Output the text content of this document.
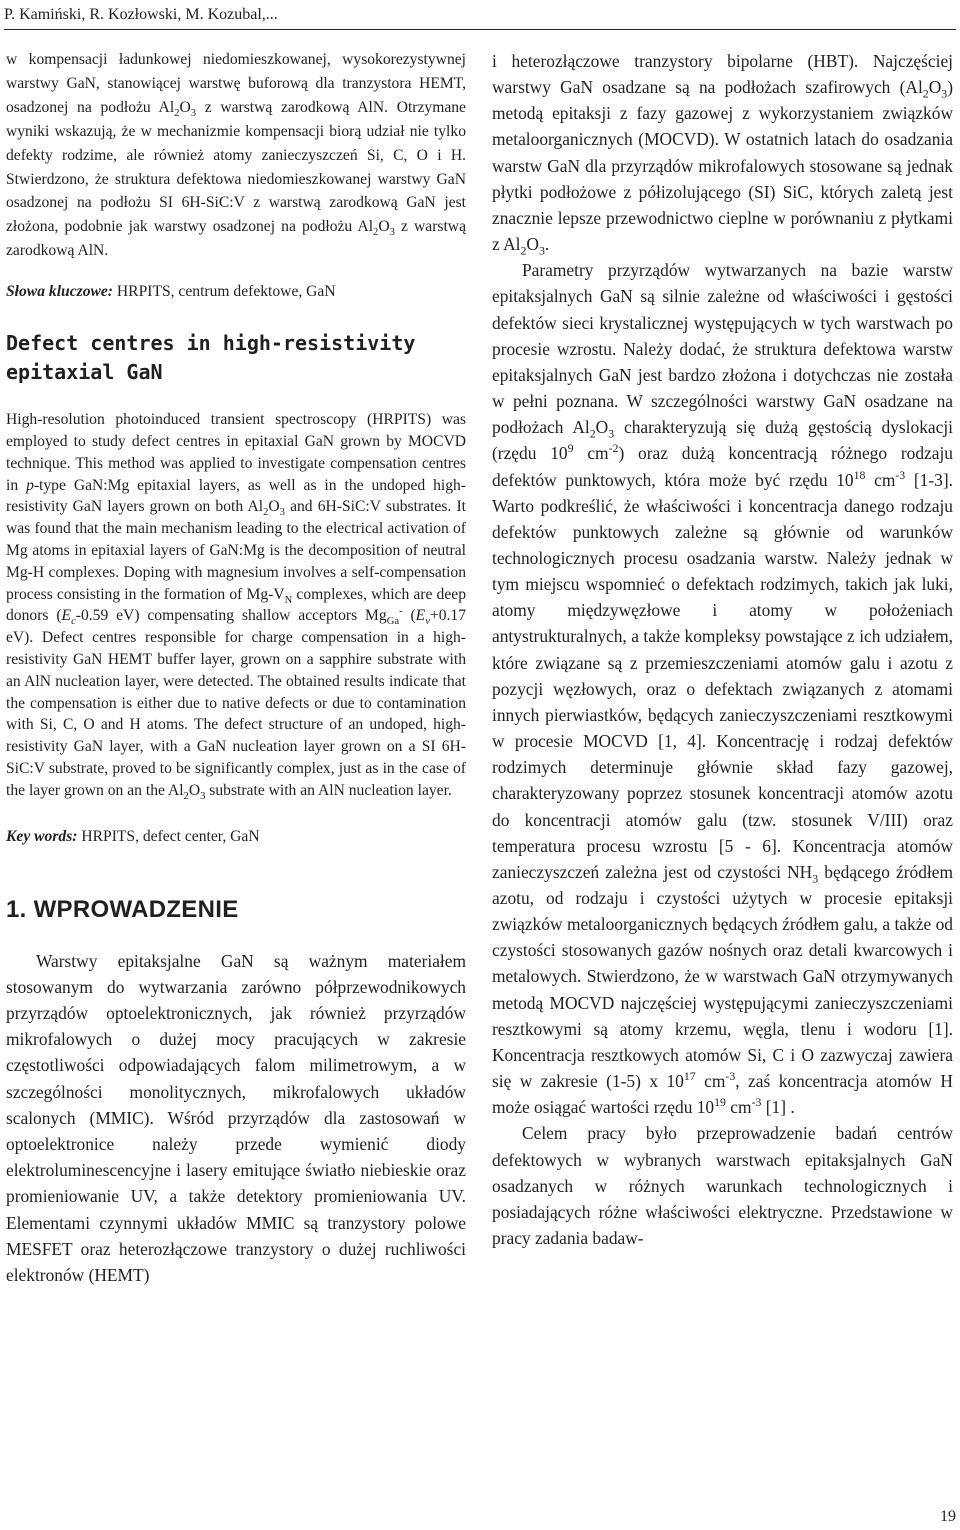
P. Kamiński, R. Kozłowski, M. Kozubal,...

w kompensacji ładunkowej niedomieszkowanej, wysokorezystywnej warstwy GaN, stanowiącej warstwę buforową dla tranzystora HEMT, osadzonej na podłożu $Al_2O_3$ z warstwą zarodkową AlN. Otrzymane wyniki wskazują, że w mechanizmie kompensacji biorą udział nie tylko defekty rodzime, ale również atomy zanieczyszczeń Si, C, O i H. Stwierdzono, że struktura defektowa niedomieszkowanej warstwy GaN osadzonej na podłożu SI 6H-SiC:V z warstwą zarodkową GaN jest złożona, podobnie jak warstwy osadzonej na podłożu $Al_2O_3$ z warstwą zarodkową AlN.

Słowa kluczowe: HRPITS, centrum defektowe, GaN

Defect centres in high-resistivity epitaxial GaN

High-resolution photoinduced transient spectroscopy (HRPITS) was employed to study defect centres in epitaxial GaN grown by MOCVD technique. This method was applied to investigate compensation centres in p-type GaN:Mg epitaxial layers, as well as in the undoped high-resistivity GaN layers grown on both $Al_2O_3$ and 6H-SiC:V substrates. It was found that the main mechanism leading to the electrical activation of Mg atoms in epitaxial layers of GaN:Mg is the decomposition of neutral Mg-H complexes. Doping with magnesium involves a self-compensation process consisting in the formation of $Mg-V_N$ complexes, which are deep donors ($E_c-0.59$ eV) compensating shallow acceptors $Mg_{Ga}^-$ ($E_v+0.17$ eV). Defect centres responsible for charge compensation in a high-resistivity GaN HEMT buffer layer, grown on a sapphire substrate with an AlN nucleation layer, were detected. The obtained results indicate that the compensation is either due to native defects or due to contamination with Si, C, O and H atoms. The defect structure of an undoped, high-resistivity GaN layer, with a GaN nucleation layer grown on a SI 6H-SiC:V substrate, proved to be significantly complex, just as in the case of the layer grown on an the $Al_2O_3$ substrate with an AlN nucleation layer.

Key words: HRPITS, defect center, GaN

1. WPROWADZENIE

Warstwy epitaksjalne GaN są ważnym materiałem stosowanym do wytwarzania zarówno półprzewodnikowych przyrządów optoelektronicznych, jak również przyrządów mikrofalowych o dużej mocy pracujących w zakresie częstotliwości odpowiadających falom milimetrowym, a w szczególności monolitycznych, mikrofalowych układów scalonych (MMIC). Wśród przyrządów dla zastosowań w optoelektronice należy przede wymienić diody elektroluminescencyjne i lasery emitujące światło niebieskie oraz promieniowanie UV, a także detektory promieniowania UV. Elementami czynnymi układów MMIC są tranzystory polowe MESFET oraz heterozłączowe tranzystory o dużej ruchliwości elektronów (HEMT)

i heterozłączowe tranzystory bipolarne (HBT). Najczęściej warstwy GaN osadzane są na podłożach szafirowych $(Al_2O_3)$ metodą epitaksji z fazy gazowej z wykorzystaniem związków metaloorganicznych (MOCVD). W ostatnich latach do osadzania warstw GaN dla przyrządów mikrofalowych stosowane są jednak płytki podłożowe z półizolującego (SI) SiC, których zaletą jest znacznie lepsze przewodnictwo cieplne w porównaniu z płytkami z $Al_2O_3$.

Parametry przyrządów wytwarzanych na bazie warstw epitaksjalnych GaN są silnie zależne od właściwości i gęstości defektów sieci krystalicznej występujących w tych warstwach po procesie wzrostu. Należy dodać, że struktura defektowa warstw epitaksjalnych GaN jest bardzo złożona i dotychczas nie została w pełni poznana. W szczególności warstwy GaN osadzane na podłożach $Al_2O_3$ charakteryzują się dużą gęstością dyslokacji (rzędu $10^9$ $cm^{-2}$) oraz dużą koncentracją różnego rodzaju defektów punktowych, która może być rzędu $10^{18}$ $cm^{-3}$ [1-3]. Warto podkreślić, że właściwości i koncentracja danego rodzaju defektów punktowych zależne są głównie od warunków technologicznych procesu osadzania warstw. Należy jednak w tym miejscu wspomnieć o defektach rodzimych, takich jak luki, atomy międzywęzłowe i atomy w położeniach antystrukturalnych, a także kompleksy powstające z ich udziałem, które związane są z przemieszczeniami atomów galu i azotu z pozycji węzłowych, oraz o defektach związanych z atomami innych pierwiastków, będących zanieczyszczeniami resztkowymi w procesie MOCVD [1, 4]. Koncentrację i rodzaj defektów rodzimych determinuje głównie skład fazy gazowej, charakteryzowany poprzez stosunek koncentracji atomów azotu do koncentracji atomów galu (tzw. stosunek V/III) oraz temperatura procesu wzrostu [5 - 6]. Koncentracja atomów zanieczyszczeń zależna jest od czystości $NH_3$ będącego źródłem azotu, od rodzaju i czystości użytych w procesie epitaksji związków metaloorganicznych będących źródłem galu, a także od czystości stosowanych gazów nośnych oraz detali kwarcowych i metalowych. Stwierdzono, że w warstwach GaN otrzymywanych metodą MOCVD najczęściej występującymi zanieczyszczeniami resztkowymi są atomy krzemu, węgla, tlenu i wodoru [1]. Koncentracja resztkowych atomów Si, C i O zazwyczaj zawiera się w zakresie (1-5) x $10^{17}$ $cm^{-3}$, zaś koncentracja atomów H może osiągać wartości rzędu $10^{19}$ $cm^{-3}$ [1] .

Celem pracy było przeprowadzenie badań centrów defektowych w wybranych warstwach epitaksjalnych GaN osadzanych w różnych warunkach technologicznych i posiadających różne właściwości elektryczne. Przedstawione w pracy zadania badaw-

19
